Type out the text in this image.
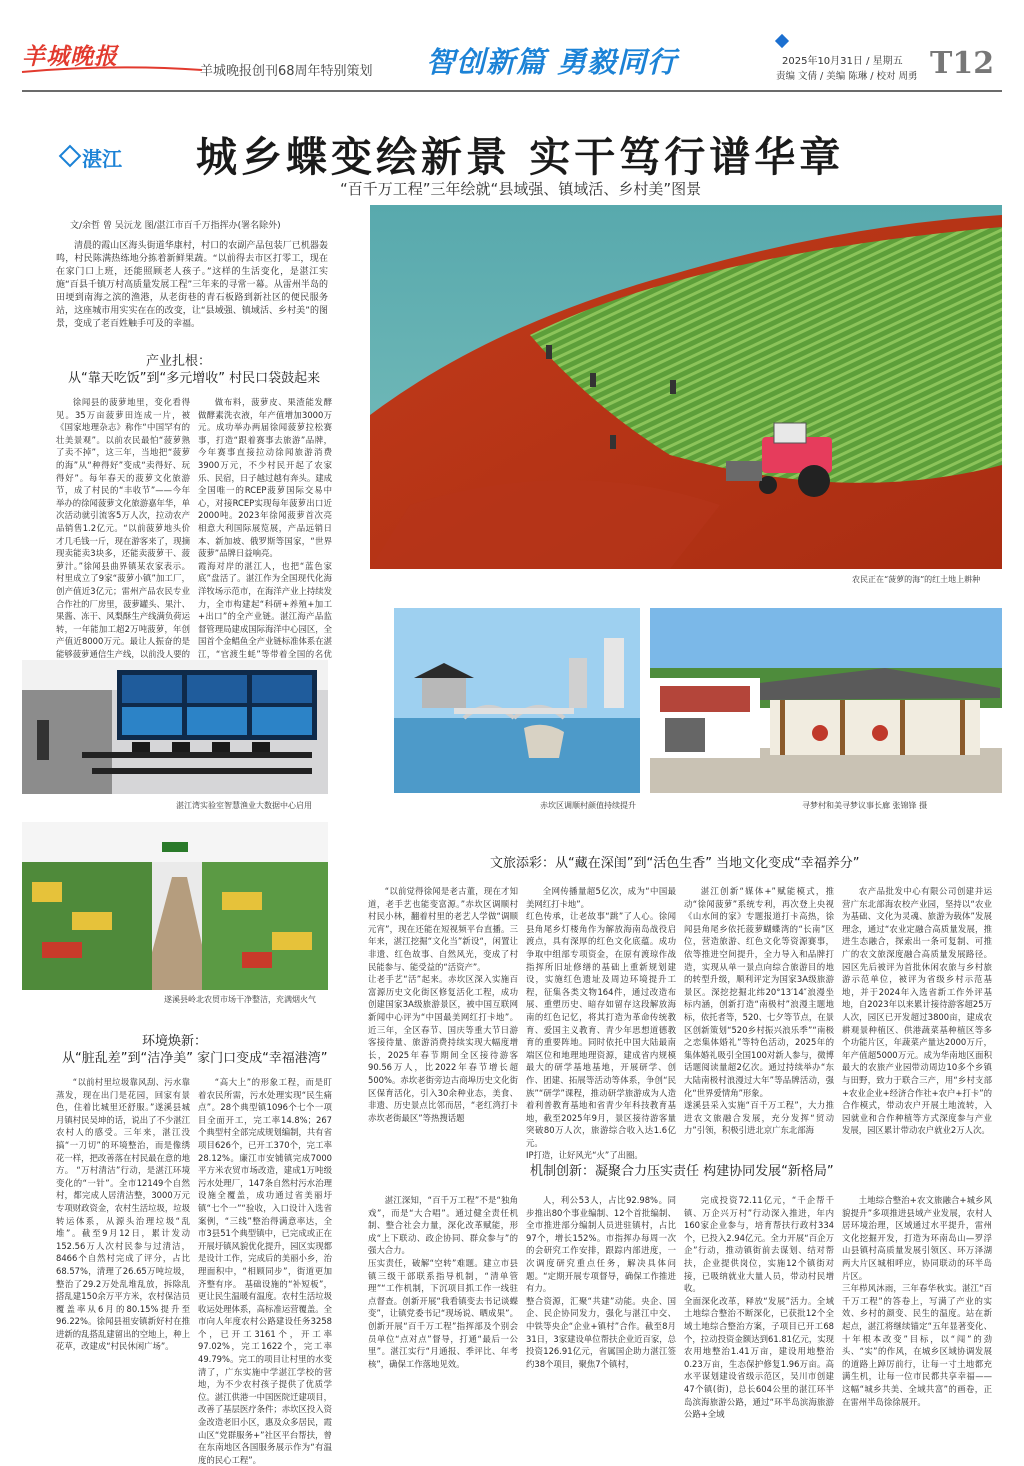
羊城晚报
羊城晚报创刊68周年特别策划 智创新篇 勇毅同行	2025年10月31日 / 星期五
责编 文倩 / 美编 陈琳 / 校对 周勇 T12
湛江 城乡蝶变绘新景 实干笃行谱华章
“百千万工程”三年绘就“县域强、镇域活、乡村美”图景
文/余哲 曾 吴沅龙 图/湛江市百千万指挥办(署名除外)
清晨的霞山区海头街道华康村，村口的农副产品包装厂已机器轰鸣，村民陈满热练地分拣着新鲜果蔬。“以前得去市区打零工，现在在家门口上班，还能照顾老人孩子。”这样的生活变化，是湛江实施“百县千镇万村高质量发展工程”三年来的寻常一幕。从雷州半岛的田埂到南海之滨的渔港，从老街巷的青石板路到新社区的便民服务站，这座城市用实实在在的改变，让“县域强、镇域活、乡村美”的图景，变成了老百姓触手可及的幸福。
农民正在“菠萝的海”的红土地上耕种
产业扎根：
从“靠天吃饭”到“多元增收” 村民口袋鼓起来
徐闻县的菠萝地里，变化看得见。35万亩菠萝田连成一片，被《国家地理杂志》称作“中国罕有的壮美景观”。以前农民最怕“菠萝熟了卖不掉”，这三年，当地把“菠萝的海”从“种得好”变成“卖得好、玩得好”。每年春天的菠萝文化旅游节，成了村民的“丰收节”——今年举办的徐闻菠萝文化旅游嘉年华，单次活动就引流客5万人次，拉动农产品销售1.2亿元。“以前菠萝地头价才几毛钱一斤，现在游客来了，现摘现卖能卖3块多，还能卖菠萝干、菠萝汁。”徐闻县曲界镇某农家表示。村里成立了9家“菠萝小镇”加工厂，创产值近3亿元；雷州产品农民专业合作社的厂房里，菠萝罐头、果汁、果酱、冻干、风梨酥生产线满负荷运转，一年能加工超2万吨菠萝，年创产值近8000万元。最让人振奋的是能够菠萝通信生产线，以前没人要的
做布料，菠萝皮、果渣能发酵做酵素洗衣液，年产值增加3000万元。成功举办两届徐闻菠萝拉松赛事，打造“跟着赛事去旅游”品牌，今年赛事直接拉动徐闻旅游消费3900万元，不少村民开起了农家乐、民宿，日子越过越有奔头。建成全国唯一的RCEP菠萝国际交易中心，对接RCEP实现每年菠萝出口近2000吨。2023年徐闻菠萝首次亮相意大利国际展览展，产品远销日本、新加坡、俄罗斯等国家，“世界菠萝”品牌日益响亮。
霞海对岸的湛江人，也把“蓝色家底”盘活了。湛江作为全国现代化海洋牧场示范市，在海洋产业上持续发力，全市构建起“科研+养殖+加工+出口”的全产业链。湛江海产品监督管理局建成国际海洋中心园区，全国首个金鲳鱼全产业链标准体系在湛江，“官渡生蚝”等带着全国的名优
湛江湾实验室智慧渔业大数据中心启用	赤坎区调顺村颜值持续提升	寻梦村和美寻梦议事长廊 张锦锋 摄
遂溪县岭北农贸市场干净整洁，充满烟火气
环境焕新：
从“脏乱差”到“洁净美” 家门口变成“幸福港湾”
“以前村里垃圾靠风刮、污水靠蒸发，现在出门是花园，回家有景色，住着比城里还舒服。”遂溪县城月镇村民吴坤的话，说出了不少湛江农村人的感受。三年来，湛江没搞“一刀切”的环境整治，而是像绣花一样，把改善落在村民最在意的地方。 “万村清洁”行动，是湛江环境变化的“一针”。全市12149个自然村，都完成人居清洁整，3000万元专项财政资金，农村生活垃圾，垃圾转运体系，从源头治理垃圾“乱堆”。截至9月12日，累计发动152.56万人次村民参与过清洁，8466个自然村完成了评分，占比68.57%，清理了26.65万吨垃圾，整治了29.2万处乱堆乱放，拆除乱搭乱建150余万平方米，农村保洁员覆盖率从6月的80.15%提升至96.22%。徐闻县祖安镇新好村在推进新的乱搭乱建留出的空地上，种上花草，改建成“村民休闲广场”。
“高大上”的形象工程，而是盯着农民所需，污水处理实现“民生痛点”。28个典型镇1096个七个一项目全面开工，完工率14.8%；267个典型村全部完成规划编制，共有省项目626个，已开工370个，完工率28.12%。廉江市安铺镇完成7000平方米农贸市场改造，建成1万吨级污水处理厂，147条自然村污水治理设施全覆盖，成功通过省美丽圩镇“七个一”“验收，入口设计入选省案例，“三线”整治得满意率达，全市3县51个典型镇中，已完成或正在开展圩镇风貌优化提升，园区实现都是设计工作，完成后的美丽小乡，治理面积中，“相顾同步”，街道更加齐整有序。 基础设施的“补短板”，更让民生温暖有温度。农村生活垃圾收运处理体系，高标准运营覆盖。全市向人年度农村公路建设任务3258个，已开工3161个，开工率97.02%，完工1622个，完工率49.79%。完工的项目让村里的水变清了，广东实施中学湛江学校的营地，为不少农村孩子提供了优质学位。湛江供港一中国医院迁建项目，改善了基层医疗条件；赤坎区投入资金改造老旧小区，惠及众多居民，霞山区“党群服务+”社区平台帮扶，曾在东南地区各国服务展示作为“有温度的民心工程”。
文旅添彩：从“藏在深闺”到“活色生香” 当地文化变成“幸福养分”
“以前觉得徐闻是老古董，现在才知道，老手艺也能变富源。”赤坎区调顺村村民小林，翻着村里的老艺人学做“调顺元宵”，现在还能在短视频平台直播。三年来，湛江挖掘“文化当”新设“，闲置让非遗、红色故事、自然风光，变成了村民能参与、能受益的“活资产”。
让老手艺“活”起来。赤坎区深入实施百富源历史文化街区修复活化工程，成功创建国家3A级旅游景区，被中国互联网新闻中心评为“中国最美网红打卡地”。近三年，全区春节、国庆等重大节日游客接待量、旅游消费持续实现大幅度增长，2025年春节期间全区接待游客90.56万人，比2022年春节增长超500%。赤坎老街旁边古商埠历史文化街区保育活化，引入30余种业态，美食、非遗、历史景点比邻而居，“老红湾打卡赤坎老街最区”等热搜话题
全网传播量超5亿次，成为“中国最美网红打卡地”。
红色传承，让老故事“跳”了人心。徐闻县角尾乡灯楼角作为解放海南岛战役启渡点，具有深厚的红色文化底蕴。成功争取中组部专项资金，在原有渡琼作战指挥所旧址修缮的基础上重新规划建设，实施红色遗址及周边环境提升工程，征集各类文物164件，通过改造布展、重塑历史、暗存如留存这段解放海南的红色记忆，将其打造为革命传统教育、爱国主义教育、青少年思想道德教育的重要阵地。同时依托中国大陆最南端区位和地理地理资源，建成省内规模最大的研学基地基地，开展研学、创作、团建、拓展等活动等体系，争创“民族”“研学”课程，推动研学旅游成为人造着利普教育基地和省青少年科技教育基地，截至2025年9月，景区接待游客量突破80万人次，旅游综合收入达1.6亿元。
IP打造，让好风光“火”了出圈。
湛江创新“媒体+”赋能模式，推动“徐闻菠萝”系统专利，再次登上央视《山水间的家》专题报道打卡高热，徐闻县角尾乡依托菠萝蝴蝶湾的“长南”区位，营造旅游、红色文化等资源赛事，依等推进空间提升，全力导入和品牌打造，实现从单一景点向综合旅游目的地的转型升级，顺利评定为国家3A级旅游景区。深挖挖掘北纬20°13′14″浪漫坐标内涵，创新打造“南极村”浪漫主题地标，依托者等，520、七夕等节点，在景区创新策划“520乡村振兴浪乐季”“南极之恋集体婚礼”等特色活动，2025年的集体婚礼吸引全国100对新人参与，微博话题阅读量超2亿次。通过持续举办“东大陆南极村浪漫过大年”等品牌活动，强化“世界爱情角”形象。
遂溪县采入实施“百千万工程”，大力推进农文旅融合发展，充分发挥“贸动力”引领，积极引进北京广东北部海
农产品批发中心有限公司创建并运营广东北部海农校产业园，坚持以“农业为基础、文化为灵魂、旅游为载体”发展理念，通过“农业定融合高质量发展，推进生态融合，探索出一条可复制、可推广的农文旅深度融合高质量发展路径。园区先后被评为首批休闲农旅与乡村旅游示范单位，被评为省级乡村示范基地，并于2024年入选省新工作外评基地，自2023年以来累计接待游客超25万人次，园区已开发超过3800亩，建成农耕观景种植区、供港蔬菜基种植区等多个功能片区，年蔬菜产量达2000万斤，年产值超5000万元。成为华南地区面积最大的农旅产业园带动周边10多个乡镇与田野，致力于联合三产，用“乡村支部+农业企业+经济合作社+农户+打卡”的合作模式，带动农户开展土地流转，入园就业和合作种植等方式深度参与产业发展，园区累计带动农户就业2万人次。
机制创新：凝聚合力压实责任 构建协同发展“新格局”
湛江深知，“百千万工程”不是“独角戏”，而是“大合唱”。通过健全责任机制、整合社会力量，深化改革赋能，形成“上下联动、政企协同、群众参与”的强大合力。
压实责任，破解“空转”难题。建立市县镇三级干部联系指导机制，“清单管理”“工作机制，下沉项目抓工作一线驻点督查。创新开展“我看镇变去书记谈蝶变”，让镇党委书记“现场说、晒成果”。创新开展“百千万工程”指挥部及个别会员单位“点对点”督导，打通“最后一公里”。湛江实行“月通报、季评比、年考核”，确保工作落地见效。
人，利公53人，占比92.98%。同步推出80个事业编制、12个首批编制、全市推进部分编制人员进驻镇村，占比97个，增长152%。市指挥办每周一次的会研究工作安排，跟踪内部进度，一次调度研究重点任务，解决具体问题。“定期开展专项督导，确保工作推进有力。
整合资源，汇聚“共建”动能。央企、国企、民企协同发力，强化与湛江中交、中铁等央企“企业+镇村”合作。截至8月31日，3家建设单位帮扶企业近百家，总投资126.91亿元，省属国企助力湛江签约38个项目，聚焦7个镇村，
完成投资72.11亿元，“千企帮千镇、万企兴万村”行动深入推进，年内160家企业参与，培育帮扶行政村334个，已投入2.94亿元。全力开展“百企万企”行动，推动镇街前去谋划、结对帮扶，企业提供岗位，实施12个镇街对接，已吸纳就业大量人员，带动村民增收。
全面深化改革，释放“发展”活力。全域土地综合整治不断深化，已获批12个全域土地综合整治方案，子项目已开工68个，拉动投资金额达到61.81亿元，实现农用地整治1.41万亩，建设用地整治0.23万亩，生态保护修复1.96万亩。高水平谋划建设省级示范区，吴川市创建47个镇(街)，总长604公里的湛江环半岛滨海旅游公路，通过“环半岛滨海旅游公路+全域
土地综合整治+农文旅融合+城乡风貌提升”多项推进县域产业发展，农村人居环境治理，区域通过水平提升，雷州文化挖掘开发，打造为环南岛山—罗浮山县镇村高质量发展引领区、环万泽湖两大片区城相呼应，协同联动的环半岛片区。
三年栉风沐雨，三年春华秋实。湛江“百千万工程”的答卷上，写满了产业的实效、乡村的颜变、民生的温度。站在新起点，湛江将继续锚定“五年显著变化、十年根本改变”目标，以“闯”的劲头、“实”的作风，在城乡区域协调发展的道路上踔厉前行，让每一寸土地都充满生机，让每一位市民都共享幸福——这幅“城乡共美、全域共富”的画卷，正在雷州半岛徐徐展开。
